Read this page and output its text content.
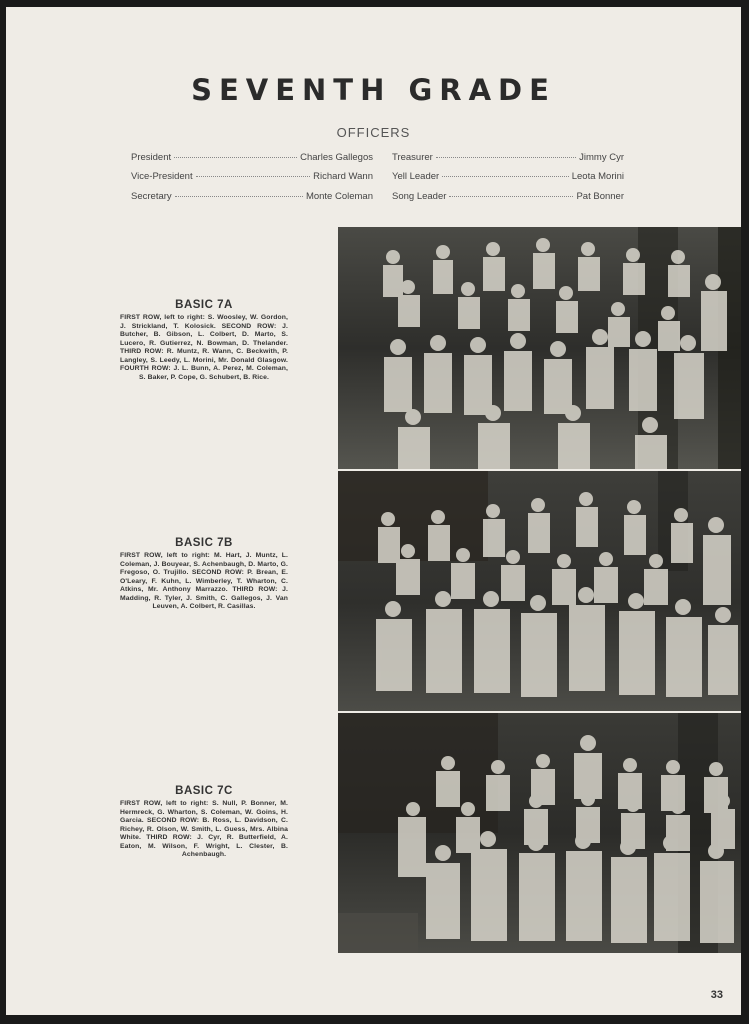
SEVENTH GRADE
OFFICERS
President	Charles Gallegos
Vice-President	Richard Wann
Secretary	Monte Coleman
Treasurer	Jimmy Cyr
Yell Leader	Leota Morini
Song Leader	Pat Bonner
BASIC 7A
FIRST ROW, left to right: S. Woosley, W. Gordon, J. Strickland, T. Kolosick. SECOND ROW: J. Butcher, B. Gibson, L. Colbert, D. Marto, S. Lucero, R. Gutierrez, N. Bowman, D. Thelander. THIRD ROW: R. Muntz, R. Wann, C. Beckwith, P. Langley, S. Leedy, L. Morini, Mr. Donald Glasgow. FOURTH ROW: J. L. Bunn, A. Perez, M. Coleman, S. Baker, P. Cope, G. Schubert, B. Rice.
BASIC 7B
FIRST ROW, left to right: M. Hart, J. Muntz, L. Coleman, J. Bouyear, S. Achenbaugh, D. Marto, G. Fregoso, O. Trujillo. SECOND ROW: P. Brean, E. O'Leary, F. Kuhn, L. Wimberley, T. Wharton, C. Atkins, Mr. Anthony Marrazzo. THIRD ROW: J. Madding, R. Tyler, J. Smith, C. Gallegos, J. Van Leuven, A. Colbert, R. Casillas.
BASIC 7C
FIRST ROW, left to right: S. Null, P. Bonner, M. Hermreck, G. Wharton, S. Coleman, W. Goins, H. Garcia. SECOND ROW: B. Ross, L. Davidson, C. Richey, R. Olson, W. Smith, L. Guess, Mrs. Albina White. THIRD ROW: J. Cyr, R. Butterfield, A. Eaton, M. Wilson, F. Wright, L. Clester, B. Achenbaugh.
33
